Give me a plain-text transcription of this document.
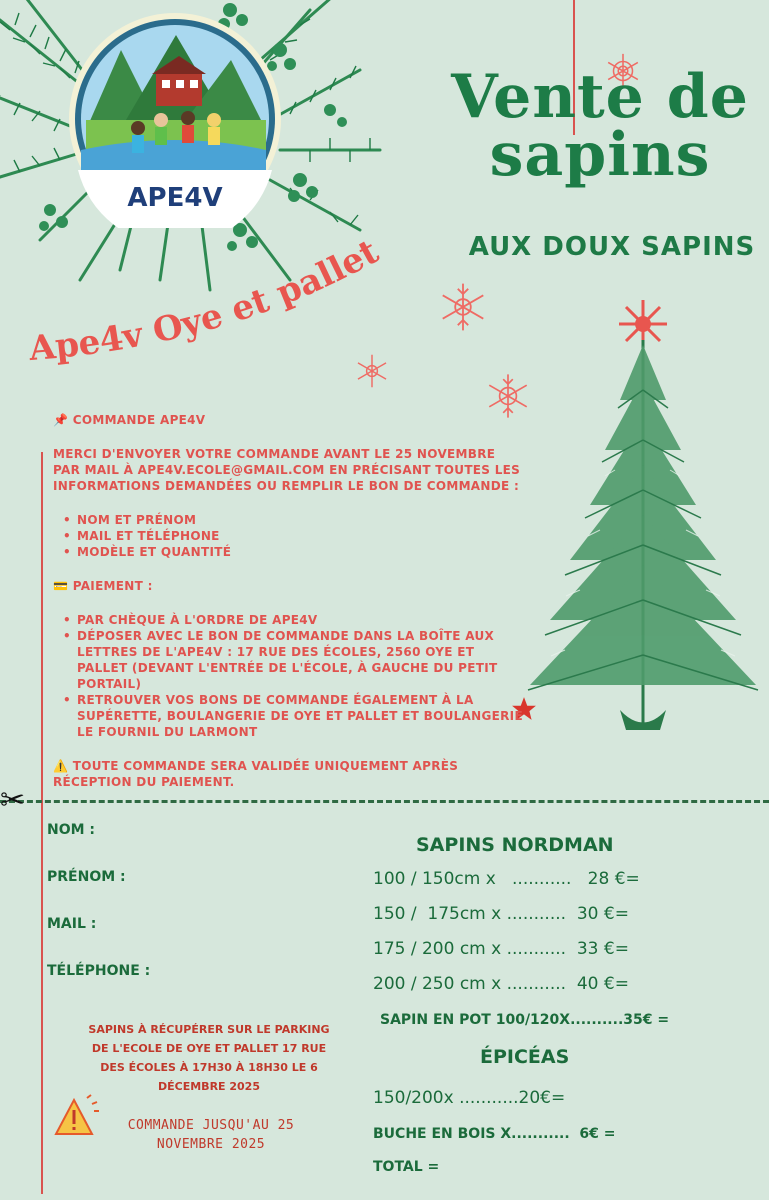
APE4V
Ape4v Oye et pallet
Vente de sapins
AUX DOUX SAPINS

📌 COMMANDE APE4V

MERCI D'ENVOYER VOTRE COMMANDE AVANT LE 25 NOVEMBRE PAR MAIL À APE4V.ECOLE@GMAIL.COM EN PRÉCISANT TOUTES LES INFORMATIONS DEMANDÉES OU REMPLIR LE BON DE COMMANDE :

• NOM ET PRÉNOM
• MAIL ET TÉLÉPHONE
• MODÈLE ET QUANTITÉ

💳 PAIEMENT :

• PAR CHÈQUE À L'ORDRE DE APE4V
• DÉPOSER AVEC LE BON DE COMMANDE DANS LA BOÎTE AUX LETTRES DE L'APE4V : 17 RUE DES ÉCOLES, 2560 OYE ET PALLET (DEVANT L'ENTRÉE DE L'ÉCOLE, À GAUCHE DU PETIT PORTAIL)
• RETROUVER VOS BONS DE COMMANDE ÉGALEMENT À LA SUPÉRETTE, BOULANGERIE DE OYE ET PALLET ET BOULANGERIE LE FOURNIL DU LARMONT

⚠️ TOUTE COMMANDE SERA VALIDÉE UNIQUEMENT APRÈS RÉCEPTION DU PAIEMENT.

✂
NOM :
PRÉNOM :
MAIL :
TÉLÉPHONE :
SAPINS À RÉCUPÉRER SUR LE PARKING DE L'ECOLE DE OYE ET PALLET 17 RUE DES ÉCOLES À 17H30 À 18H30 LE 6 DÉCEMBRE 2025
COMMANDE JUSQU'AU 25 NOVEMBRE 2025
SAPINS NORDMAN
100 / 150cm x   ...........   28 €=
150 /  175cm x ...........  30 €=
175 / 200 cm x ...........  33 €=
200 / 250 cm x ...........  40 €=
SAPIN EN POT 100/120X..........35€ =
ÉPICÉAS
150/200x ...........20€=
BUCHE EN BOIS X...........  6€ =
TOTAL =
